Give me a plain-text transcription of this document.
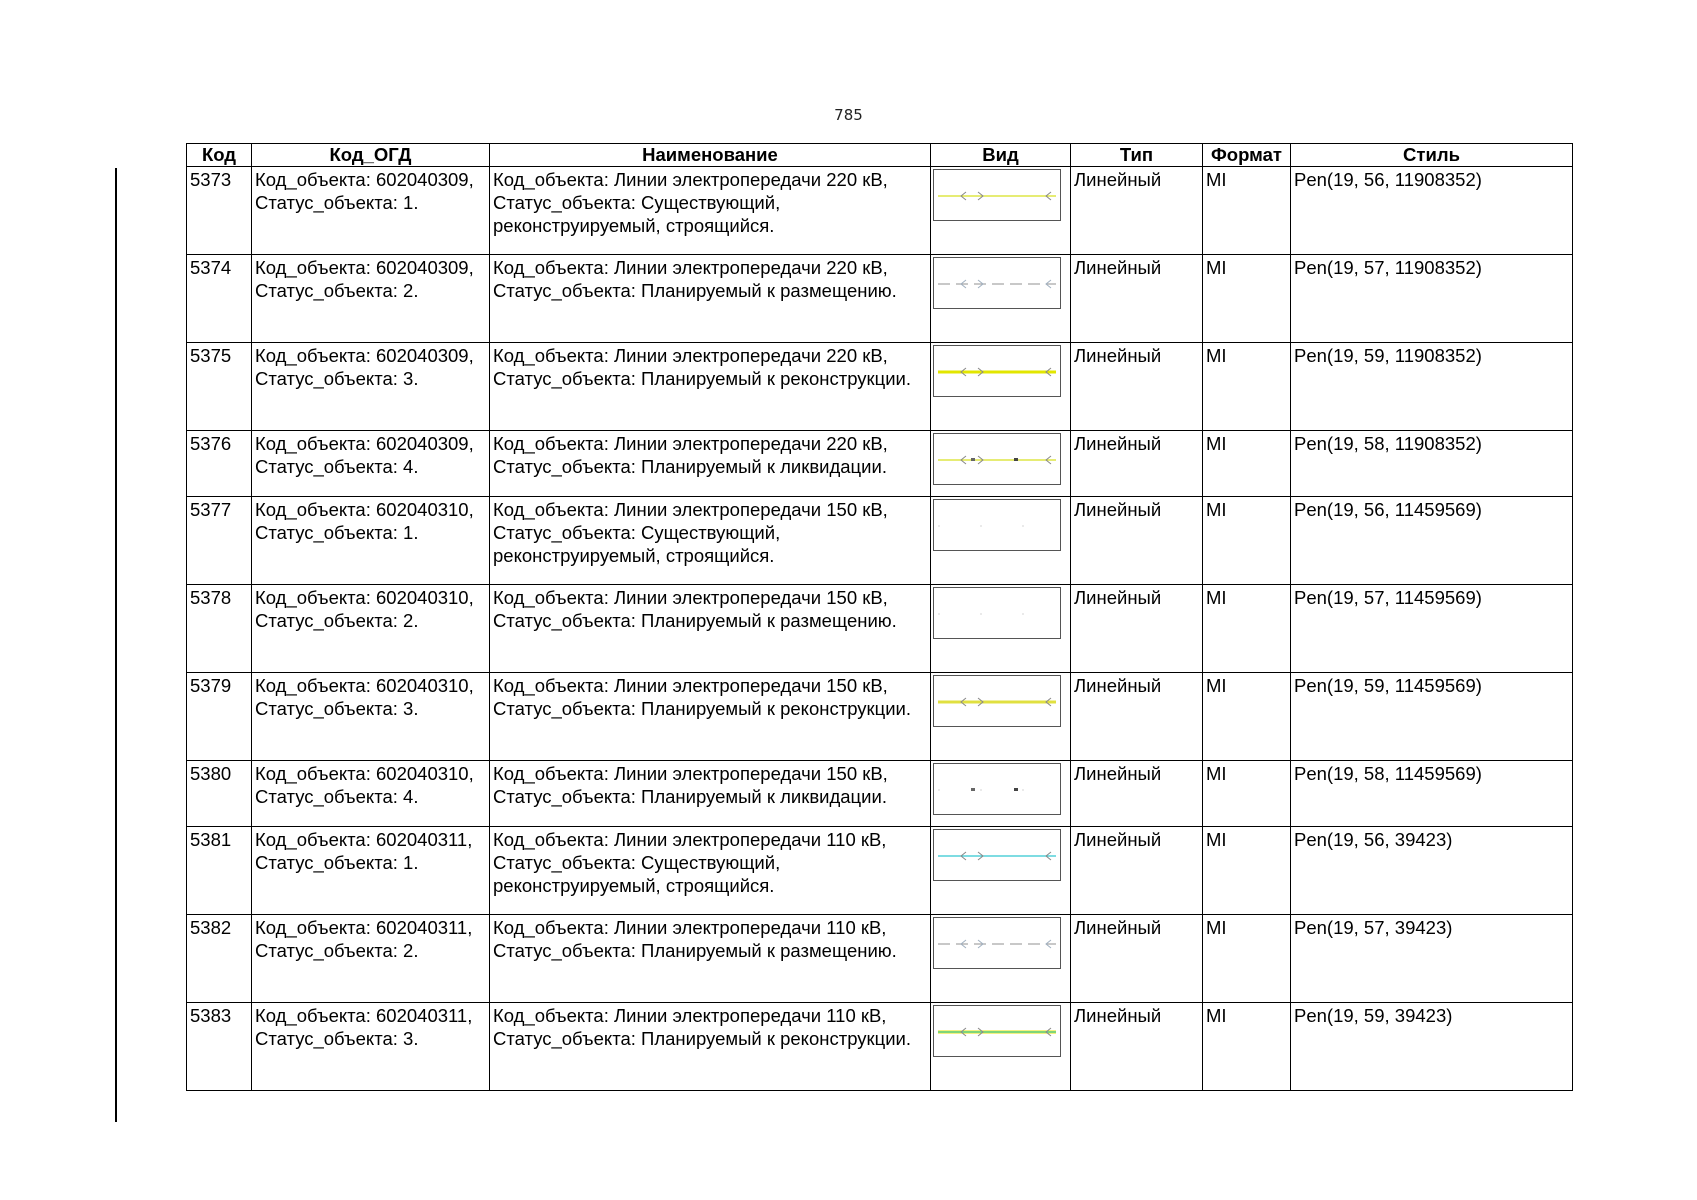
785
Код	Код_ОГД	Наименование	Вид	Тип	Формат	Стиль
5373	Код_объекта: 602040309,
Статус_объекта: 1.	Код_объекта: Линии электропередачи 220 кВ,
Статус_объекта: Существующий,
реконструируемый, строящийся.		Линейный	MI	Pen(19, 56, 11908352)
5374	Код_объекта: 602040309,
Статус_объекта: 2.	Код_объекта: Линии электропередачи 220 кВ,
Статус_объекта: Планируемый к размещению.		Линейный	MI	Pen(19, 57, 11908352)
5375	Код_объекта: 602040309,
Статус_объекта: 3.	Код_объекта: Линии электропередачи 220 кВ,
Статус_объекта: Планируемый к реконструкции.		Линейный	MI	Pen(19, 59, 11908352)
5376	Код_объекта: 602040309,
Статус_объекта: 4.	Код_объекта: Линии электропередачи 220 кВ,
Статус_объекта: Планируемый к ликвидации.		Линейный	MI	Pen(19, 58, 11908352)
5377	Код_объекта: 602040310,
Статус_объекта: 1.	Код_объекта: Линии электропередачи 150 кВ,
Статус_объекта: Существующий,
реконструируемый, строящийся.		Линейный	MI	Pen(19, 56, 11459569)
5378	Код_объекта: 602040310,
Статус_объекта: 2.	Код_объекта: Линии электропередачи 150 кВ,
Статус_объекта: Планируемый к размещению.		Линейный	MI	Pen(19, 57, 11459569)
5379	Код_объекта: 602040310,
Статус_объекта: 3.	Код_объекта: Линии электропередачи 150 кВ,
Статус_объекта: Планируемый к реконструкции.		Линейный	MI	Pen(19, 59, 11459569)
5380	Код_объекта: 602040310,
Статус_объекта: 4.	Код_объекта: Линии электропередачи 150 кВ,
Статус_объекта: Планируемый к ликвидации.		Линейный	MI	Pen(19, 58, 11459569)
5381	Код_объекта: 602040311,
Статус_объекта: 1.	Код_объекта: Линии электропередачи 110 кВ,
Статус_объекта: Существующий,
реконструируемый, строящийся.		Линейный	MI	Pen(19, 56, 39423)
5382	Код_объекта: 602040311,
Статус_объекта: 2.	Код_объекта: Линии электропередачи 110 кВ,
Статус_объекта: Планируемый к размещению.		Линейный	MI	Pen(19, 57, 39423)
5383	Код_объекта: 602040311,
Статус_объекта: 3.	Код_объекта: Линии электропередачи 110 кВ,
Статус_объекта: Планируемый к реконструкции.		Линейный	MI	Pen(19, 59, 39423)
